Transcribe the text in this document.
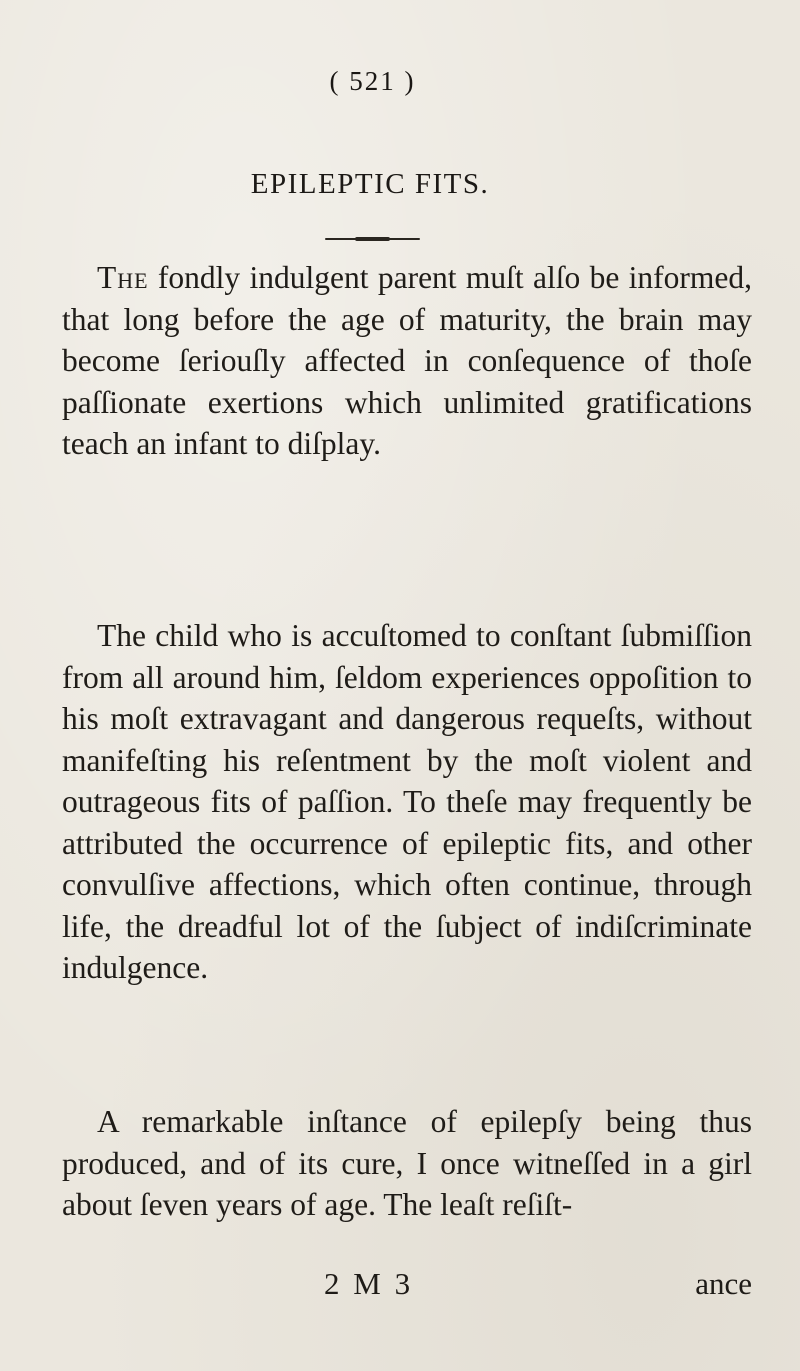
( 521 )
EPILEPTIC FITS.

The fondly indulgent parent muſt alſo be informed, that long before the age of maturity, the brain may become ſeriouſly affected in conſequence of thoſe paſſionate exertions which unlimited gratifications teach an infant to diſplay.

The child who is accuſtomed to conſtant ſubmiſſion from all around him, ſeldom experiences oppoſition to his moſt extravagant and dangerous requeſts, without manifeſting his reſentment by the moſt violent and outrageous fits of paſſion. To theſe may frequently be attributed the occurrence of epileptic fits, and other convulſive affections, which often continue, through life, the dreadful lot of the ſubject of indiſcriminate indulgence.

A remarkable inſtance of epilepſy being thus produced, and of its cure, I once witneſſed in a girl about ſeven years of age. The leaſt reſiſt-

2 M 3	ance
